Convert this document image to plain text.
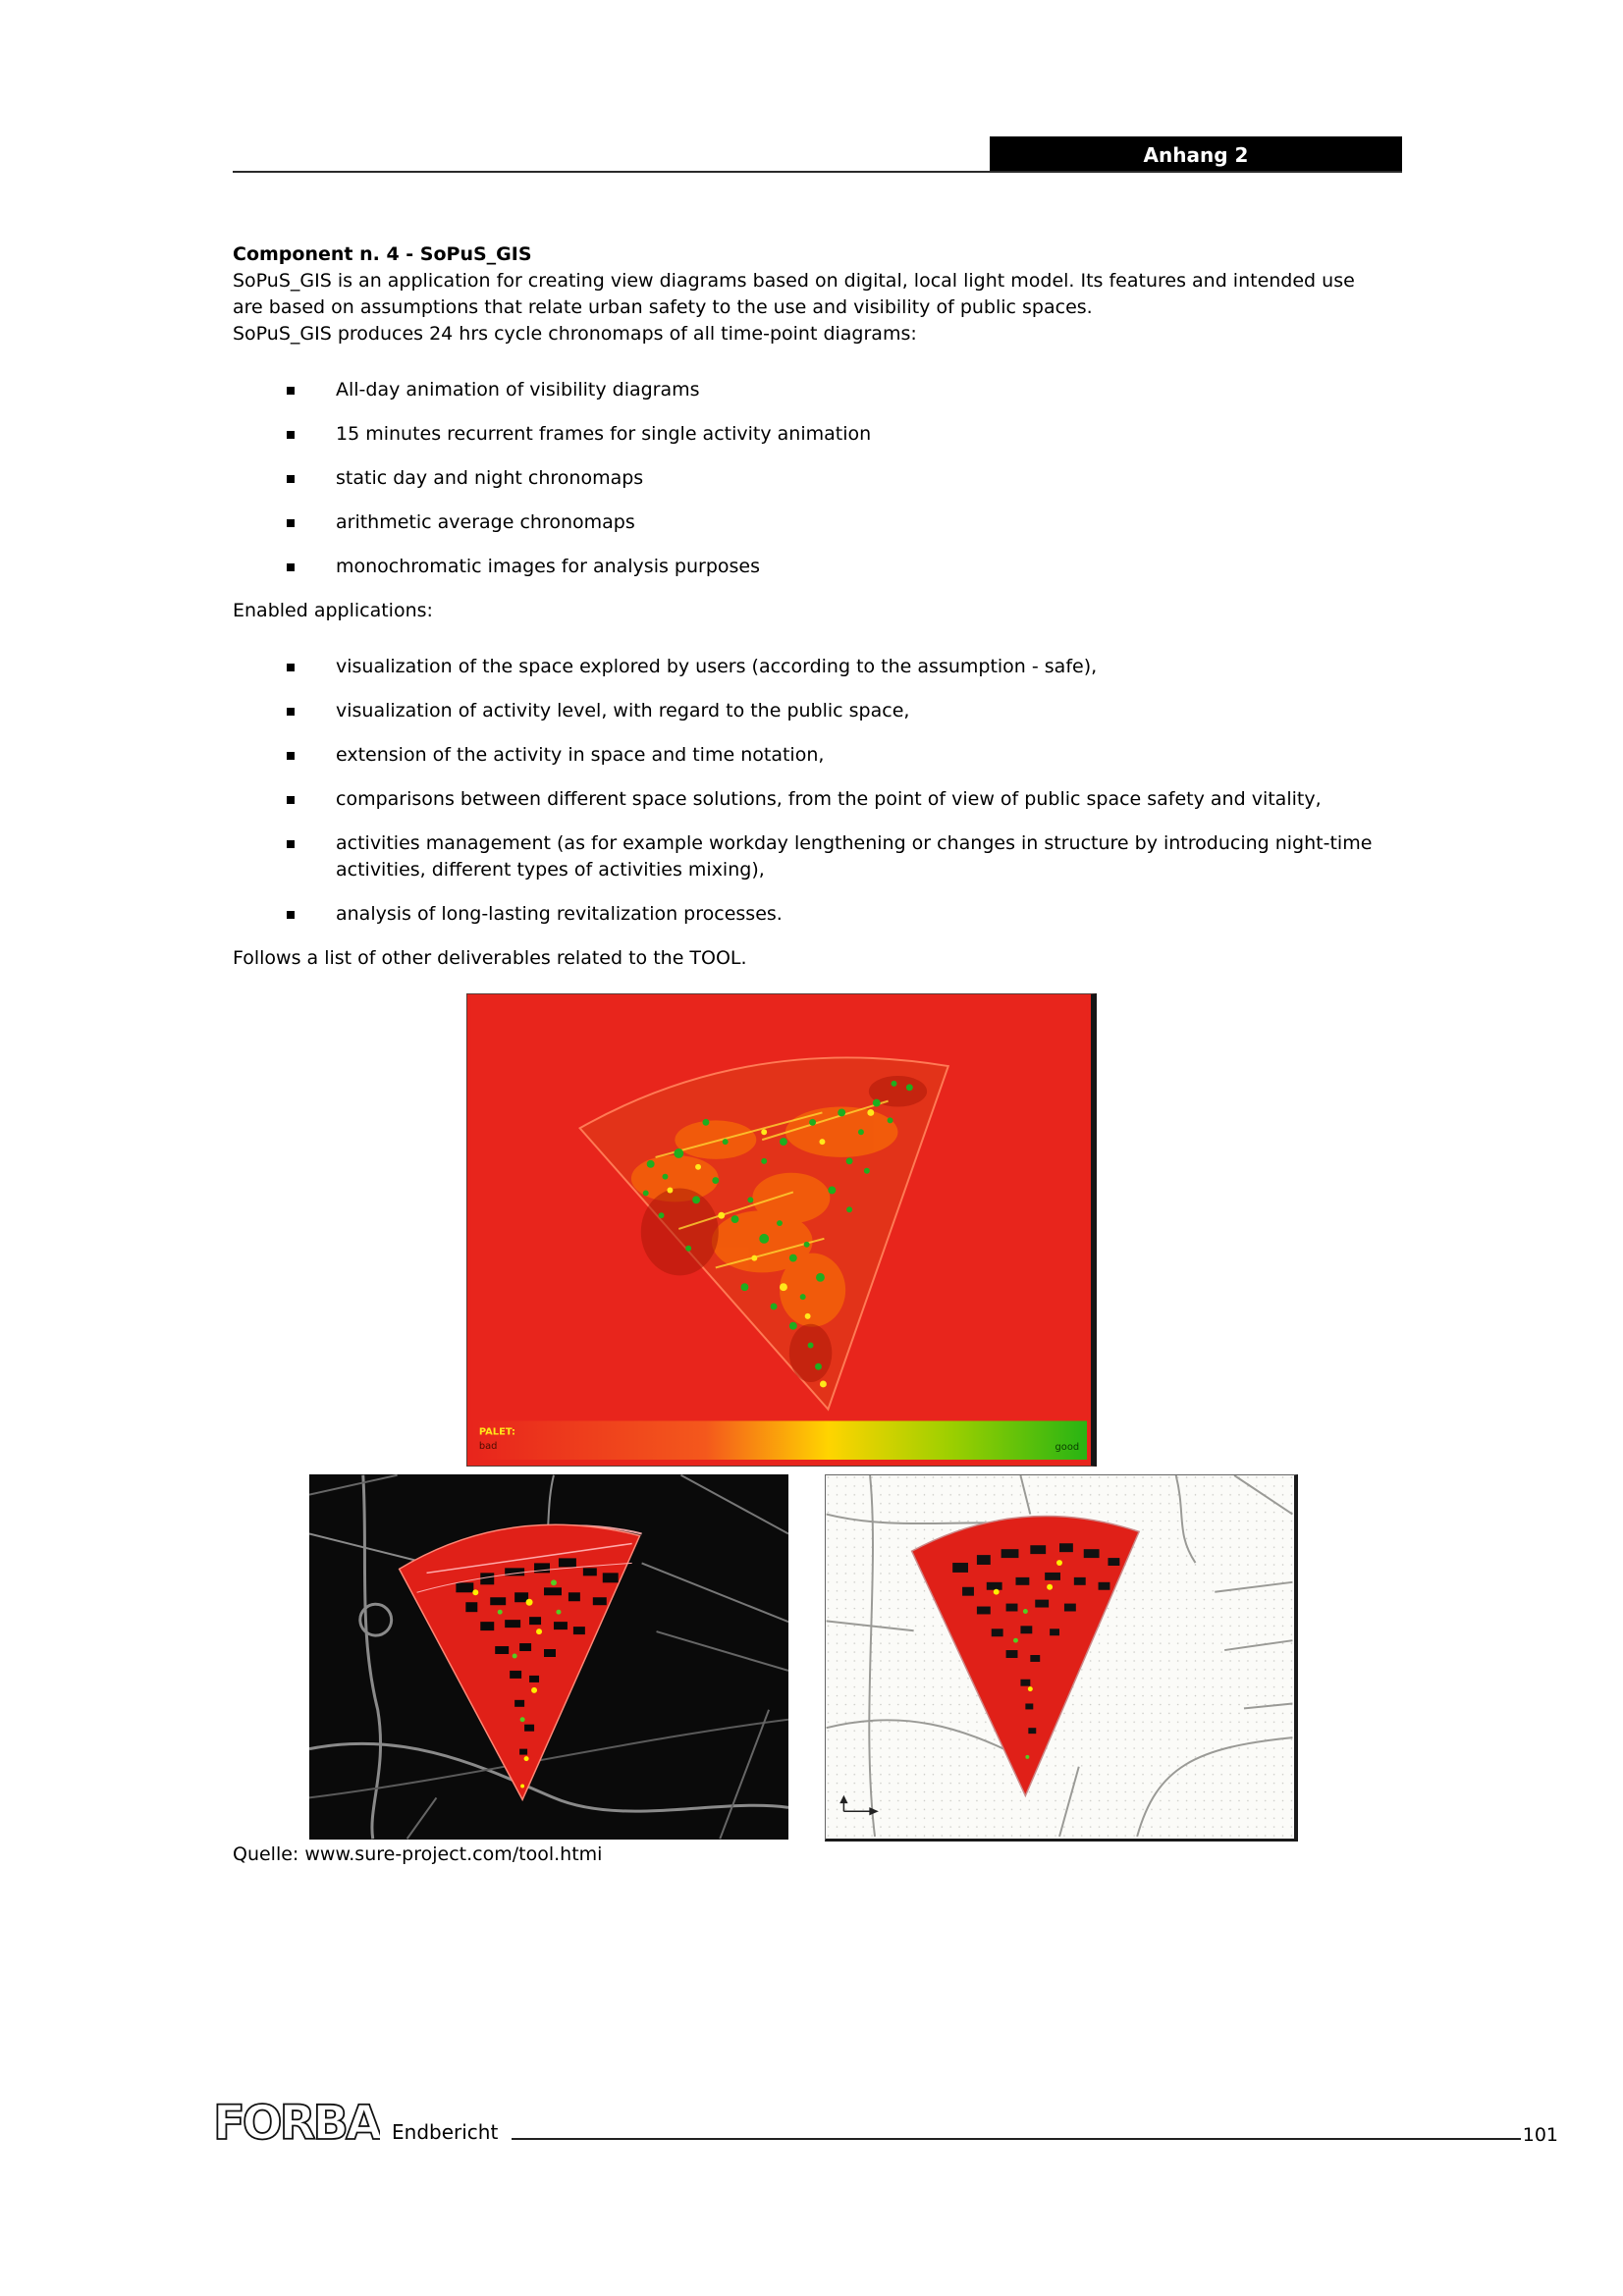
Anhang 2

Component n. 4 - SoPuS_GIS

SoPuS_GIS is an application for creating view diagrams based on digital, local light model. Its features and intended use are based on assumptions that relate urban safety to the use and visibility of public spaces.

SoPuS_GIS produces 24 hrs cycle chronomaps of all time-point diagrams:

All-day animation of visibility diagrams
15 minutes recurrent frames for single activity animation
static day and night chronomaps
arithmetic average chronomaps
monochromatic images for analysis purposes

Enabled applications:

visualization of the space explored by users (according to the assumption - safe),
visualization of activity level, with regard to the public space,
extension of the activity in space and time notation,
comparisons between different space solutions, from the point of view of public space safety and vitality,
activities management (as for example workday lengthening or changes in structure by introducing night-time activities, different types of activities mixing),
analysis of long-lasting revitalization processes.

Follows a list of other deliverables related to the TOOL.

PALET:
bad	good

Quelle: www.sure-project.com/tool.htmi

FORBA Endbericht	101
